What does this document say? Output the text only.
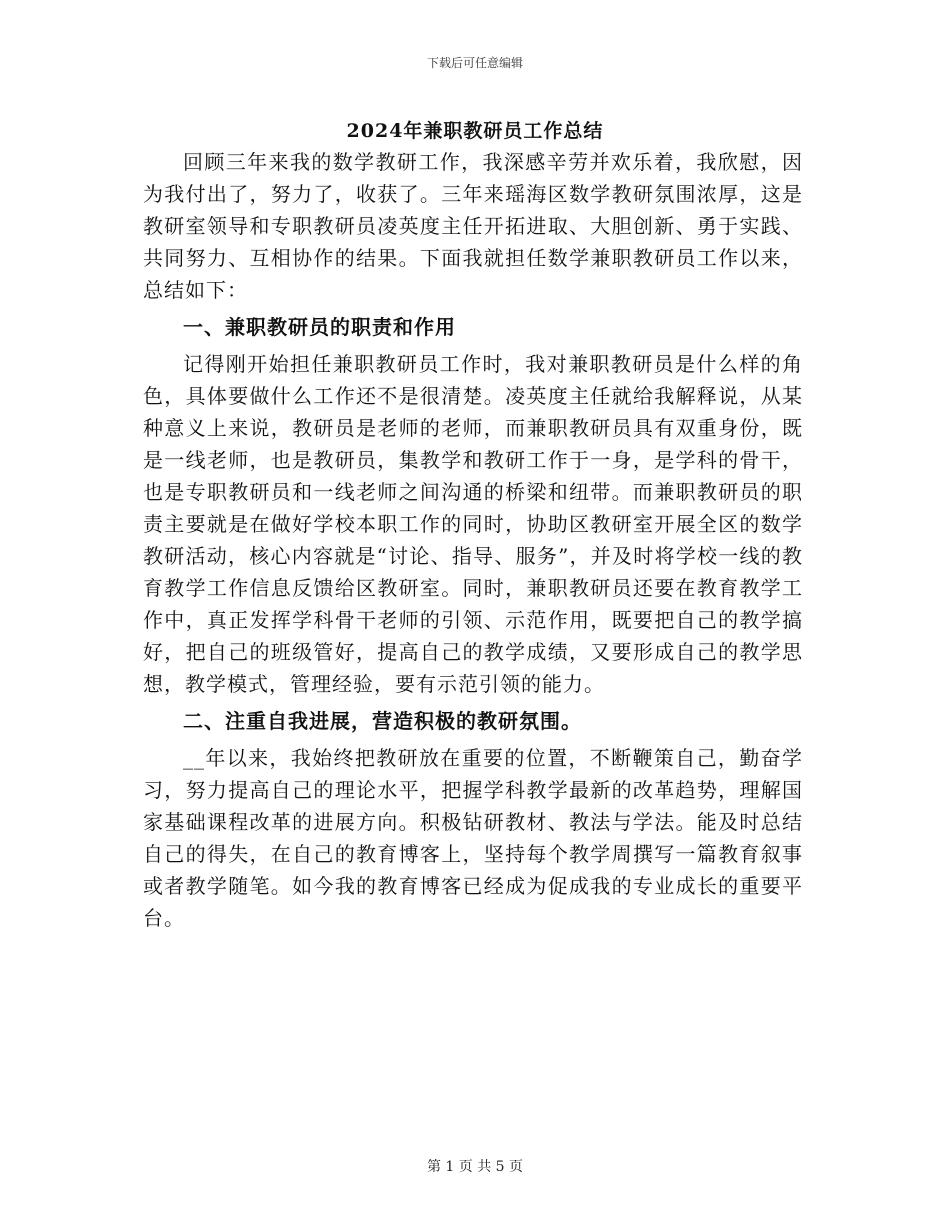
下载后可任意编辑
2024年兼职教研员工作总结

回顾三年来我的数学教研工作，我深感辛劳并欢乐着，我欣慰，因为我付出了，努力了，收获了。三年来瑶海区数学教研氛围浓厚，这是教研室领导和专职教研员凌英度主任开拓进取、大胆创新、勇于实践、共同努力、互相协作的结果。下面我就担任数学兼职教研员工作以来，总结如下：

一、兼职教研员的职责和作用

记得刚开始担任兼职教研员工作时，我对兼职教研员是什么样的角色，具体要做什么工作还不是很清楚。凌英度主任就给我解释说，从某种意义上来说，教研员是老师的老师，而兼职教研员具有双重身份，既是一线老师，也是教研员，集教学和教研工作于一身，是学科的骨干，也是专职教研员和一线老师之间沟通的桥梁和纽带。而兼职教研员的职责主要就是在做好学校本职工作的同时，协助区教研室开展全区的数学教研活动，核心内容就是“讨论、指导、服务”，并及时将学校一线的教育教学工作信息反馈给区教研室。同时，兼职教研员还要在教育教学工作中，真正发挥学科骨干老师的引领、示范作用，既要把自己的教学搞好，把自己的班级管好，提高自己的教学成绩，又要形成自己的教学思想，教学模式，管理经验，要有示范引领的能力。

二、注重自我进展，营造积极的教研氛围。

__年以来，我始终把教研放在重要的位置，不断鞭策自己，勤奋学习，努力提高自己的理论水平，把握学科教学最新的改革趋势，理解国家基础课程改革的进展方向。积极钻研教材、教法与学法。能及时总结自己的得失，在自己的教育博客上，坚持每个教学周撰写一篇教育叙事或者教学随笔。如今我的教育博客已经成为促成我的专业成长的重要平台。

第 1 页 共 5 页
